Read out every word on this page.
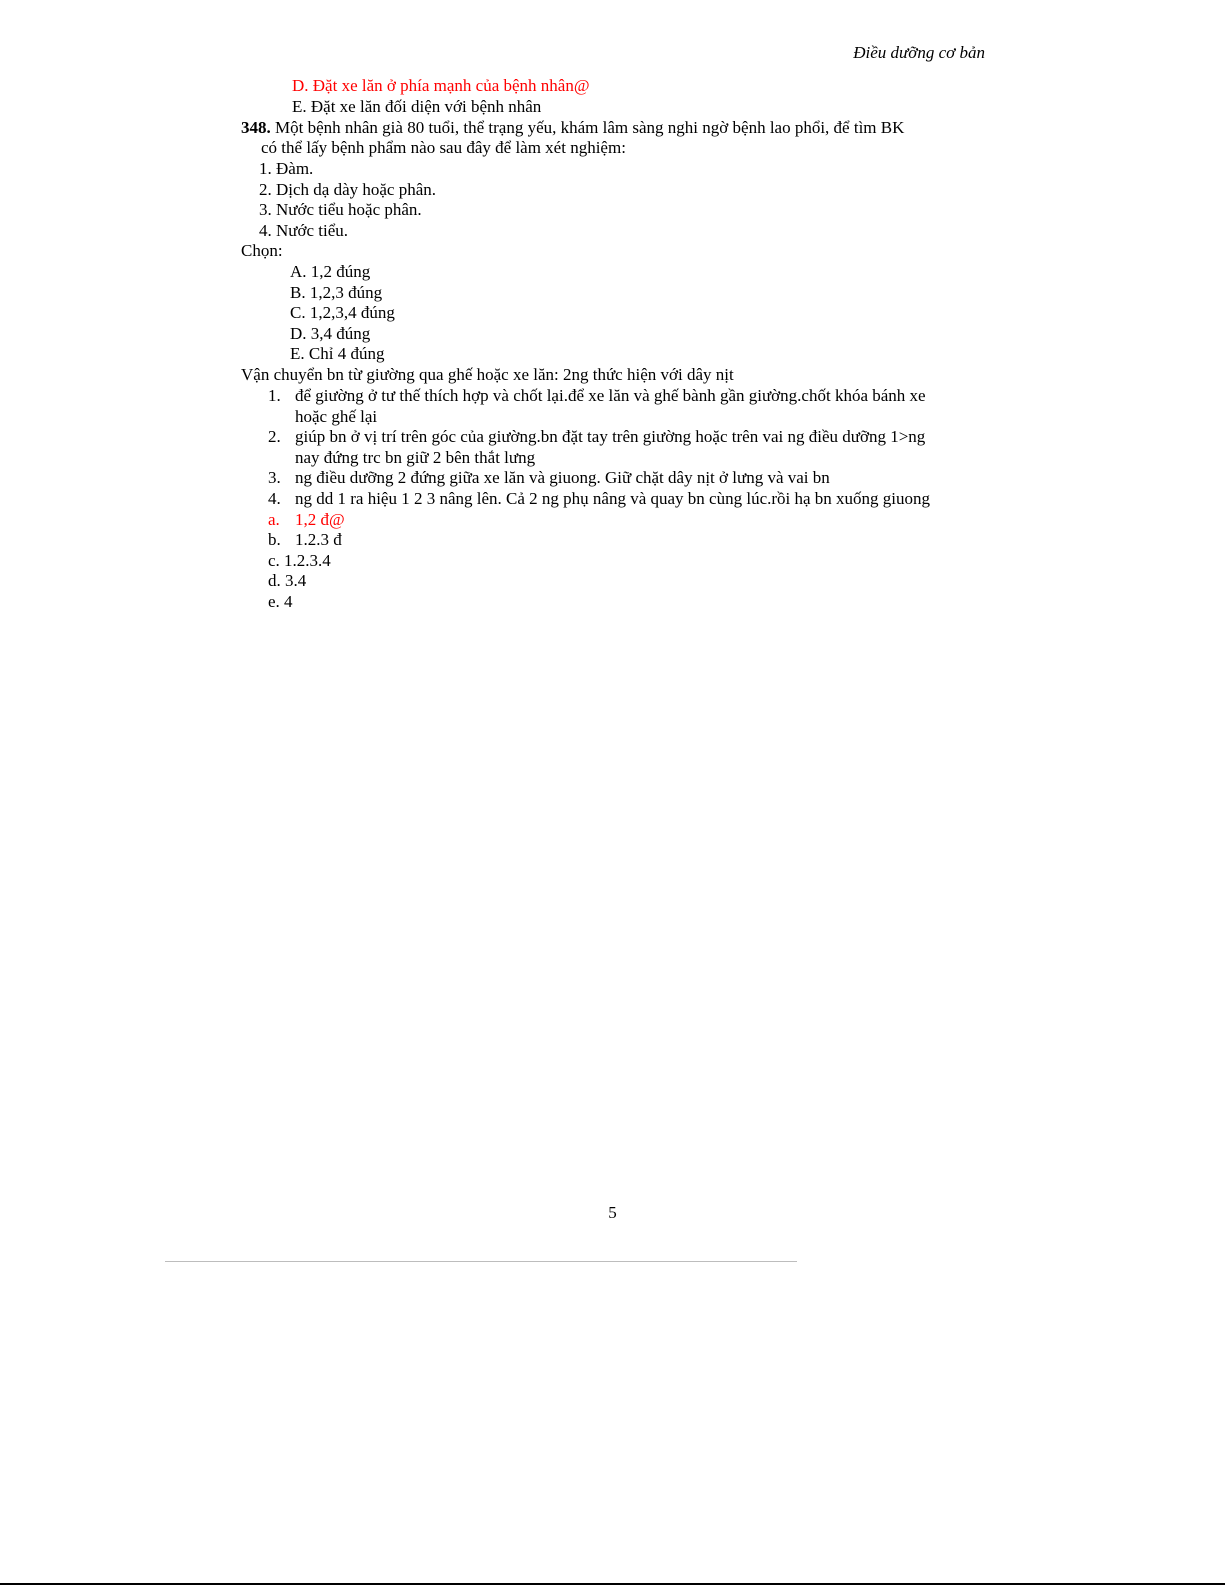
Điều dưỡng cơ bản
D. Đặt xe lăn ở phía mạnh của bệnh nhân@
E. Đặt xe lăn đối diện với bệnh nhân
348. Một bệnh nhân già 80 tuổi, thể trạng yếu, khám lâm sàng nghi ngờ bệnh lao phổi, để tìm BK
có thể lấy bệnh phẩm nào sau đây để làm xét nghiệm:
1. Đàm.
2. Dịch dạ dày hoặc phân.
3. Nước tiểu hoặc phân.
4. Nước tiểu.
Chọn:
A. 1,2 đúng
B. 1,2,3 đúng
C. 1,2,3,4 đúng
D. 3,4 đúng
E. Chỉ 4 đúng
Vận chuyển bn từ giường qua ghế hoặc xe lăn: 2ng thức hiện với dây nịt
1. để giường ở tư thế thích hợp và chốt lại.để xe lăn và ghế bành gần giường.chốt khóa bánh xe
hoặc ghế lại
2. giúp bn ở vị trí trên góc của giường.bn đặt tay trên giường hoặc trên vai ng điều dưỡng 1>ng
nay đứng trc bn giữ 2 bên thắt lưng
3. ng điều dưỡng 2 đứng giữa xe lăn và giuong. Giữ chặt dây nịt ở lưng và vai bn
4. ng dd 1 ra hiệu 1 2 3 nâng lên. Cả 2 ng phụ nâng và quay bn cùng lúc.rồi hạ bn xuống giuong
a. 1,2 đ@
b. 1.2.3 đ
c. 1.2.3.4
d. 3.4
e. 4
5
